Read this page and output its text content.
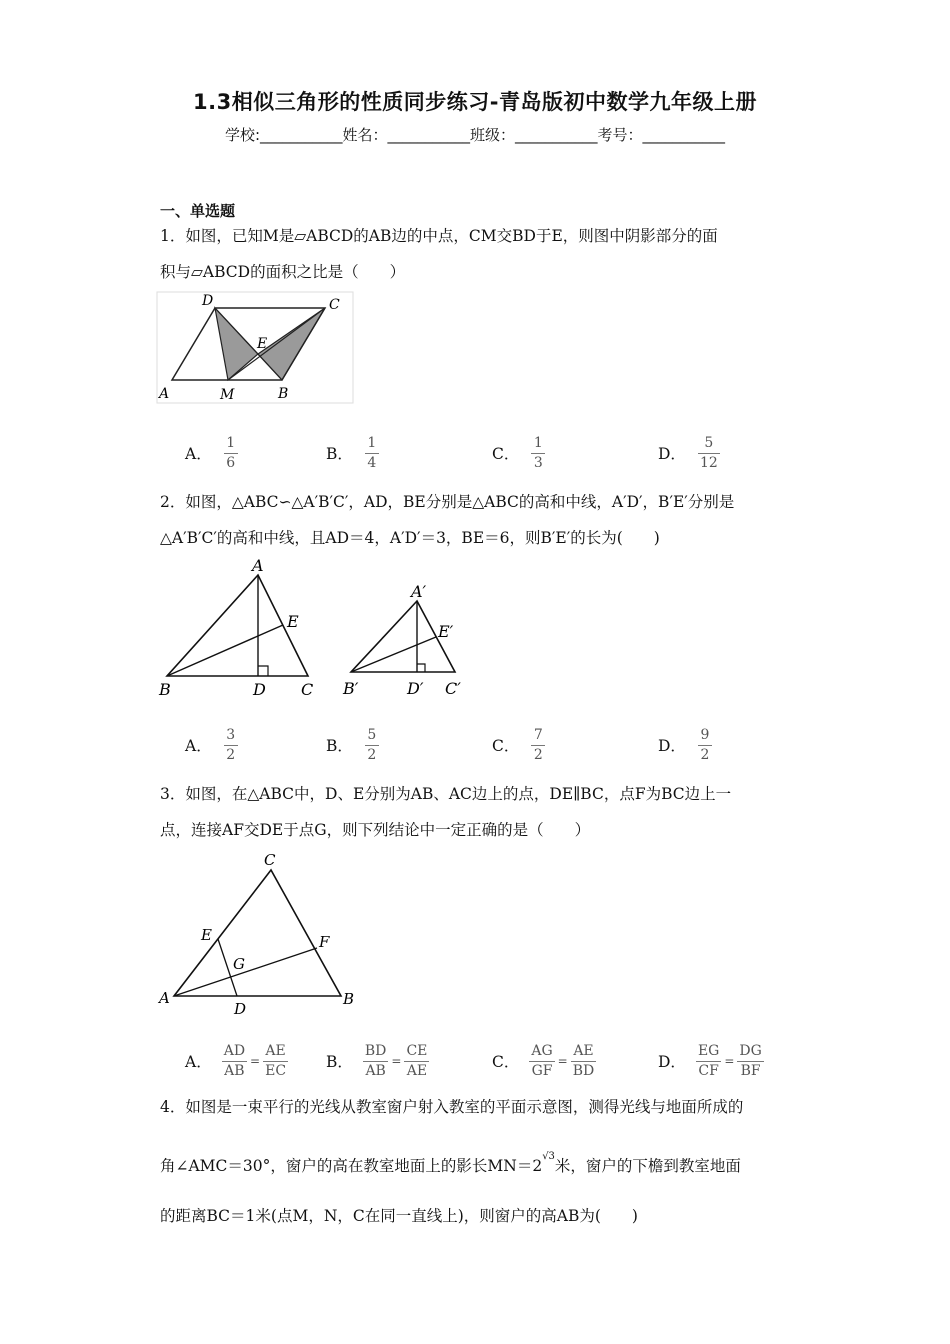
1.3相似三角形的性质同步练习-青岛版初中数学九年级上册
学校:___________姓名：___________班级：___________考号：___________
一、单选题
1．如图，已知M是▱ABCD的AB边的中点，CM交BD于E，则图中阴影部分的面
积与▱ABCD的面积之比是（　　）
D	C
E
A	M	B
A． $\frac{1}{6}$	B． $\frac{1}{4}$	C． $\frac{1}{3}$	D． $\frac{5}{12}$
2．如图，△ABC∽△A′B′C′，AD，BE分别是△ABC的高和中线，A′D′，B′E′分别是
△A′B′C′的高和中线，且AD＝4，A′D′＝3，BE＝6，则B′E′的长为(　　)
A
E
B	D C
A′
E′
B′	D′ C′
A． $\frac{3}{2}$	B． $\frac{5}{2}$	C． $\frac{7}{2}$	D． $\frac{9}{2}$
3．如图，在△ABC中，D、E分别为AB、AC边上的点，DE∥BC，点F为BC边上一
点，连接AF交DE于点G，则下列结论中一定正确的是（　　）
C
E	F
G
A
D
B
A． $\frac{AD}{AB} = \frac{AE}{EC}$ B． $\frac{BD}{AB} = \frac{CE}{AE}$	C． $\frac{AG}{GF} = \frac{AE}{BD}$	D． $\frac{EG}{CF} = \frac{DG}{BF}$
4．如图是一束平行的光线从教室窗户射入教室的平面示意图，测得光线与地面所成的
角∠AMC＝30°，窗户的高在教室地面上的影长$MN=2^{√3}$米，窗户的下檐到教室地面
的距离BC＝1米(点M，N，C在同一直线上)，则窗户的高AB为(　　)
